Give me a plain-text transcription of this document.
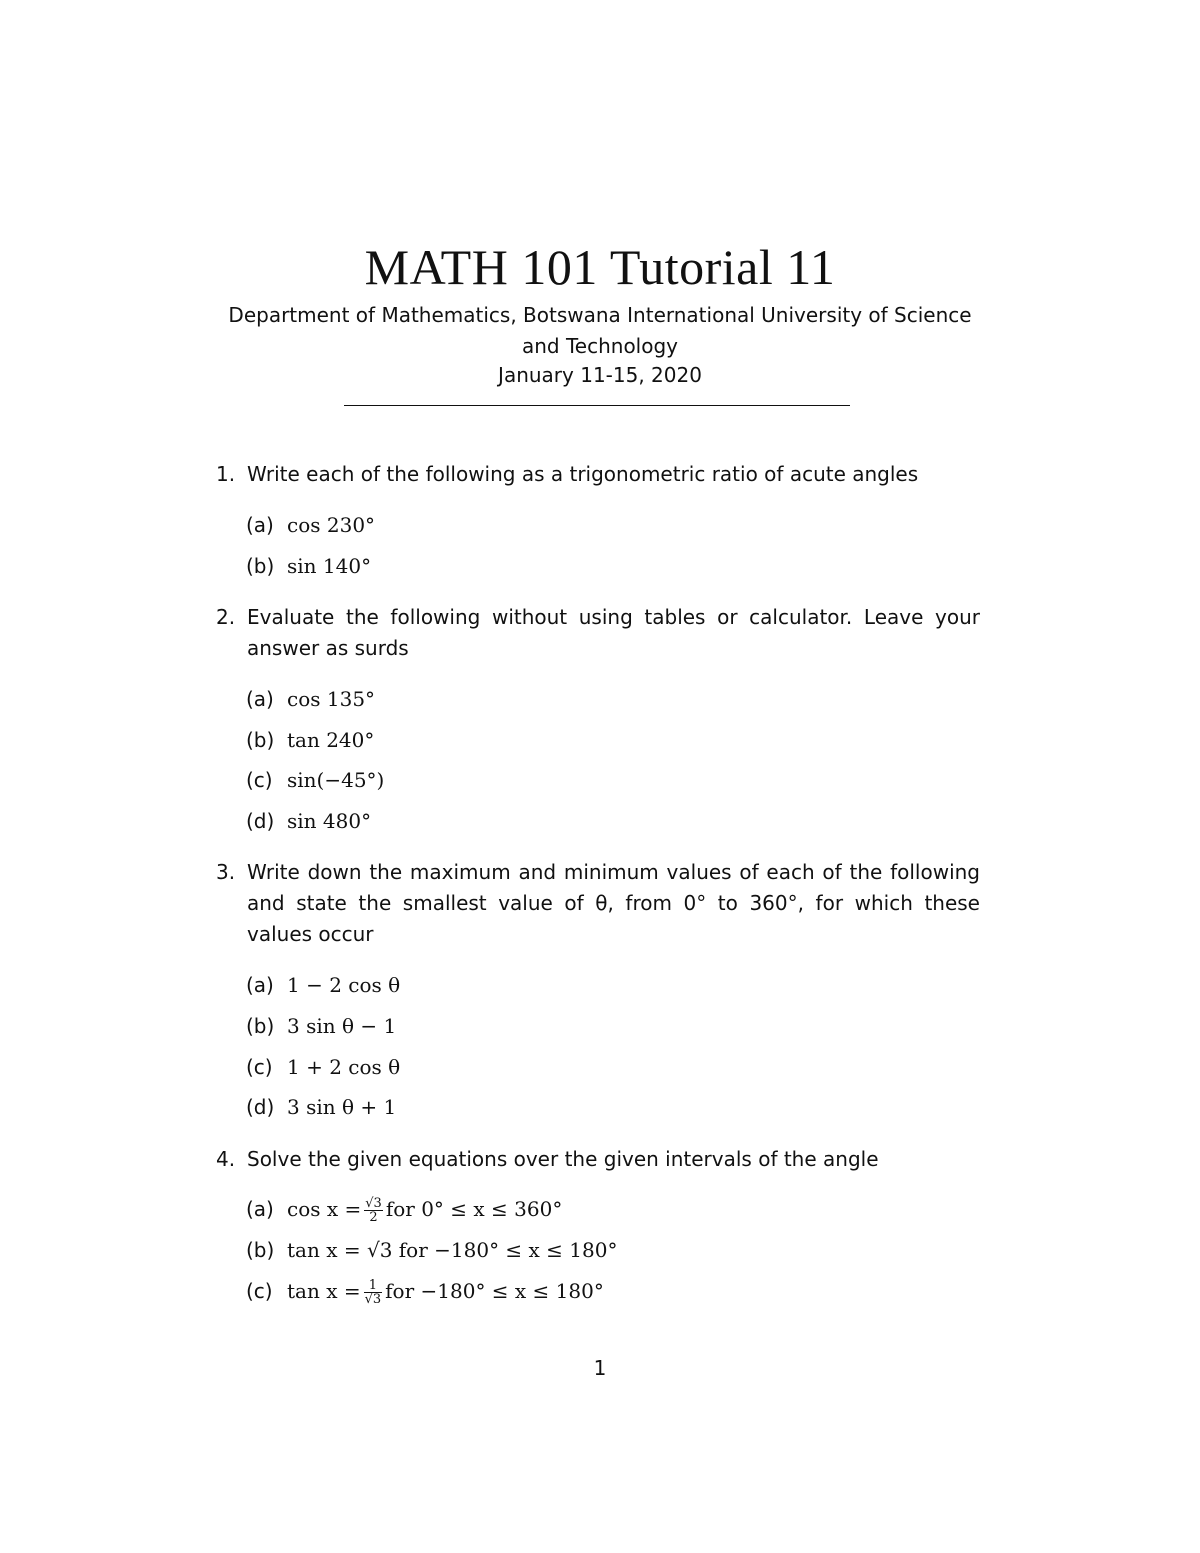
MATH 101 Tutorial 11
Department of Mathematics, Botswana International University of Science
and Technology
January 11-15, 2020
1. Write each of the following as a trigonometric ratio of acute angles
(a) cos 230°
(b) sin 140°
2. Evaluate the following without using tables or calculator. Leave your answer as surds
(a) cos 135°
(b) tan 240°
(c) sin(−45°)
(d) sin 480°
3. Write down the maximum and minimum values of each of the following and state the smallest value of θ, from 0° to 360°, for which these values occur
(a) 1 − 2 cos θ
(b) 3 sin θ − 1
(c) 1 + 2 cos θ
(d) 3 sin θ + 1
4. Solve the given equations over the given intervals of the angle
(a) $\cos x = \frac{√3}{2}$ for 0° ≤ x ≤ 360°
(b) tan x = √3 for −180° ≤ x ≤ 180°
(c) $\tan x = \frac{1}{√3}$ for −180° ≤ x ≤ 180°
1
